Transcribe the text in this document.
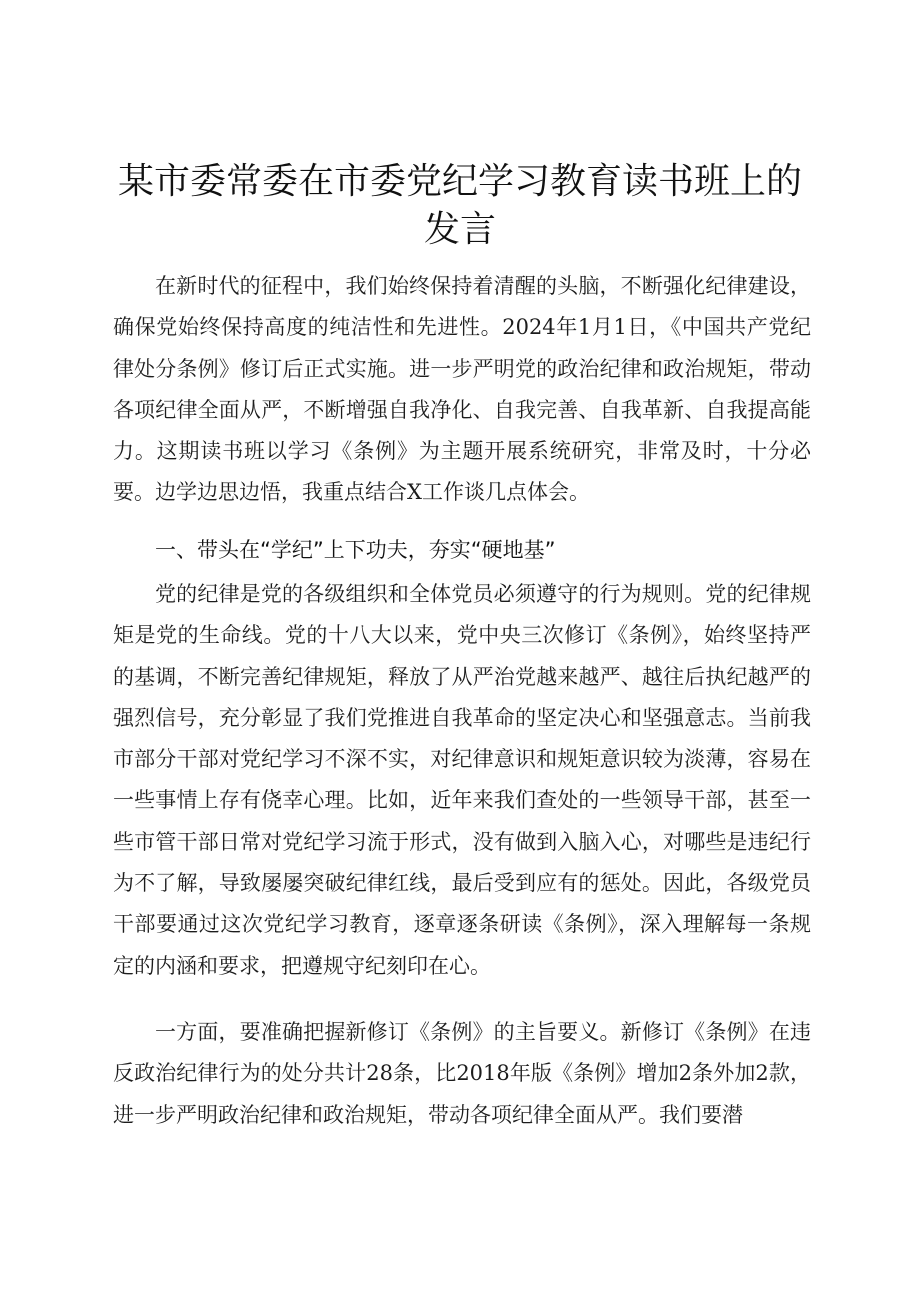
某市委常委在市委党纪学习教育读书班上的发言

在新时代的征程中，我们始终保持着清醒的头脑，不断强化纪律建设，确保党始终保持高度的纯洁性和先进性。2024年1月1日，《中国共产党纪律处分条例》修订后正式实施。进一步严明党的政治纪律和政治规矩，带动各项纪律全面从严，不断增强自我净化、自我完善、自我革新、自我提高能力。这期读书班以学习《条例》为主题开展系统研究，非常及时，十分必要。边学边思边悟，我重点结合X工作谈几点体会。

一、带头在“学纪”上下功夫，夯实“硬地基”

党的纪律是党的各级组织和全体党员必须遵守的行为规则。党的纪律规矩是党的生命线。党的十八大以来，党中央三次修订《条例》，始终坚持严的基调，不断完善纪律规矩，释放了从严治党越来越严、越往后执纪越严的强烈信号，充分彰显了我们党推进自我革命的坚定决心和坚强意志。当前我市部分干部对党纪学习不深不实，对纪律意识和规矩意识较为淡薄，容易在一些事情上存有侥幸心理。比如，近年来我们查处的一些领导干部，甚至一些市管干部日常对党纪学习流于形式，没有做到入脑入心，对哪些是违纪行为不了解，导致屡屡突破纪律红线，最后受到应有的惩处。因此，各级党员干部要通过这次党纪学习教育，逐章逐条研读《条例》，深入理解每一条规定的内涵和要求，把遵规守纪刻印在心。

一方面，要准确把握新修订《条例》的主旨要义。新修订《条例》在违反政治纪律行为的处分共计28条，比2018年版《条例》增加2条外加2款，进一步严明政治纪律和政治规矩，带动各项纪律全面从严。我们要潜
